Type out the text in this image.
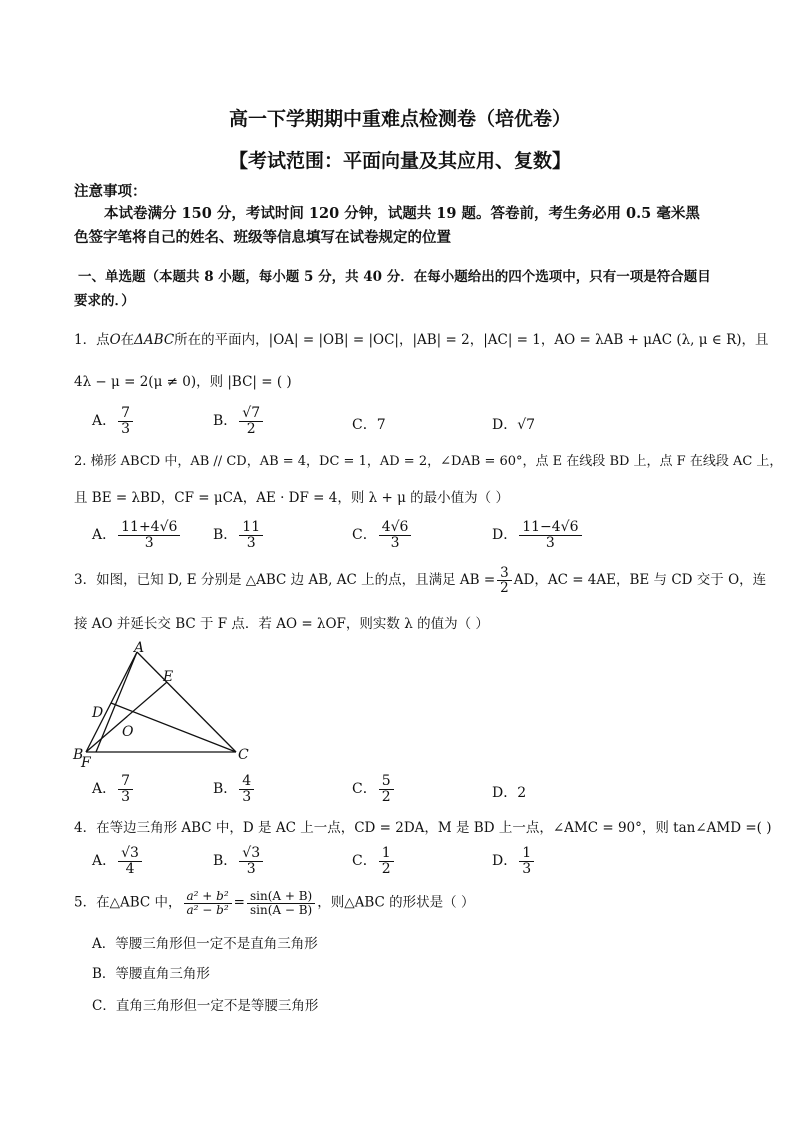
高一下学期期中重难点检测卷（培优卷）
【考试范围：平面向量及其应用、复数】
注意事项：
本试卷满分 150 分，考试时间 120 分钟，试题共 19 题。答卷前，考生务必用 0.5 毫米黑
色签字笔将自己的姓名、班级等信息填写在试卷规定的位置
一、单选题（本题共 8 小题，每小题 5 分，共 40 分．在每小题给出的四个选项中，只有一项是符合题目
要求的．）
1．点O在ΔABC所在的平面内，|OA| = |OB| = |OC|，|AB| = 2，|AC| = 1，AO = λAB + μAC (λ, μ ∈ R)，且
4λ − μ = 2(μ ≠ 0)，则 |BC| = ( )
A． $\frac{7}{3}$	B． $\frac{√7}{2}$	C．7	D．√7
2. 梯形 ABCD 中，AB // CD，AB = 4，DC = 1，AD = 2，∠DAB = 60°，点 E 在线段 BD 上，点 F 在线段 AC 上，
且 BE = λBD，CF = μCA，AE · DF = 4，则 λ + μ 的最小值为（ ）
A． $\frac{11+4√6}{3}$ B． $\frac{11}{3}$	C． $\frac{4√6}{3}$	D． $\frac{11-4√6}{3}$
3．如图，已知 D, E 分别是 △ABC 边 AB, AC 上的点，且满足 AB = $\frac{3}{2}$ AD，AC = 4AE，BE 与 CD 交于 O，连
接 AO 并延长交 BC 于 F 点．若 AO = λOF，则实数 λ 的值为（ ）
A
E
D
O
B
F	C
A． $\frac{7}{3}$	B． $\frac{4}{3}$	C． $\frac{5}{2}$	D．2
4．在等边三角形 ABC 中，D 是 AC 上一点，CD = 2DA，M 是 BD 上一点，∠AMC = 90°，则 tan∠AMD =( )
A． $\frac{√3}{4}$	B． $\frac{√3}{3}$	C． $\frac{1}{2}$	D． $\frac{1}{3}$
5．在△ABC 中， $\frac{\text{a² + b²}}{\text{a² − b²}} = \frac{\sin(A + B)}{\sin(A - B)}$ ，则△ABC 的形状是（ ）
A．等腰三角形但一定不是直角三角形
B．等腰直角三角形
C．直角三角形但一定不是等腰三角形
